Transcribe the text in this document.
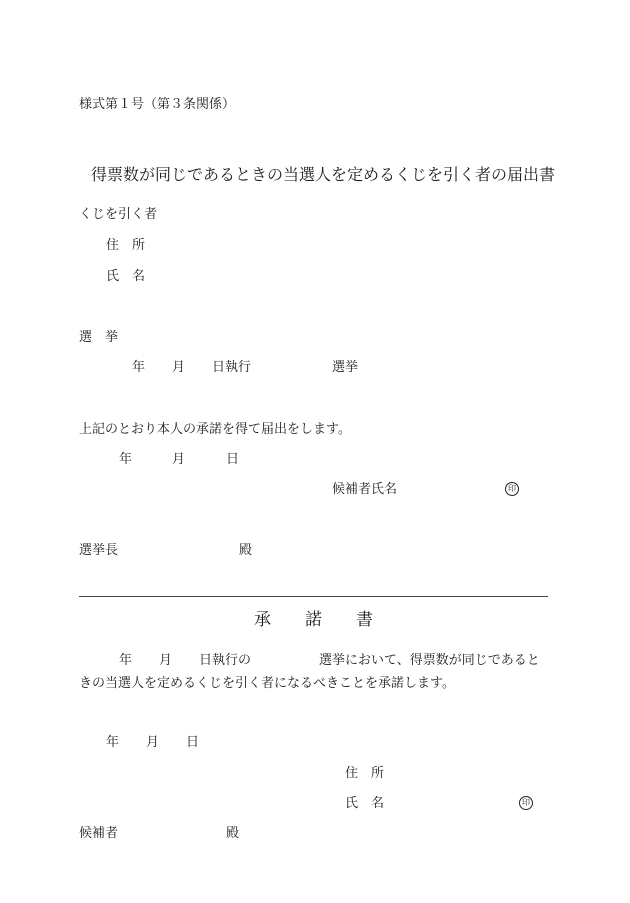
様式第１号（第３条関係）
得票数が同じであるときの当選人を定めるくじを引く者の届出書
くじを引く者
住　所
氏　名
選　挙
年 月 日執行	選挙
上記のとおり本人の承諾を得て届出をします。
年	月	日
候補者氏名	印
選挙長	殿
承　　諾　　書
年 月 日執行の	選挙において、得票数が同じであると
きの当選人を定めるくじを引く者になるべきことを承諾します。
年 月 日
住　所
氏　名	印
候補者	殿
